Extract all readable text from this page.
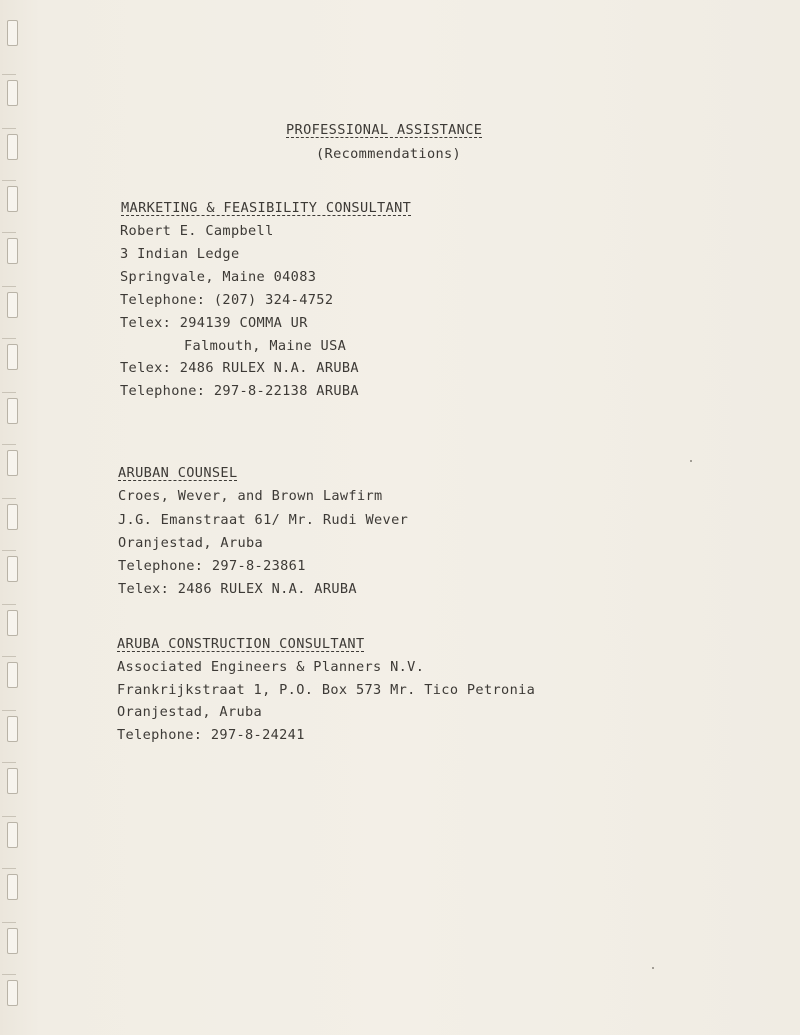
PROFESSIONAL ASSISTANCE
(Recommendations)
MARKETING & FEASIBILITY CONSULTANT
Robert E. Campbell
3 Indian Ledge
Springvale, Maine 04083
Telephone: (207) 324-4752
Telex: 294139 COMMA UR
Falmouth, Maine USA
Telex: 2486 RULEX N.A. ARUBA
Telephone: 297-8-22138 ARUBA
ARUBAN COUNSEL
Croes, Wever, and Brown Lawfirm
J.G. Emanstraat 61/ Mr. Rudi Wever
Oranjestad, Aruba
Telephone: 297-8-23861
Telex: 2486 RULEX N.A. ARUBA
ARUBA CONSTRUCTION CONSULTANT
Associated Engineers & Planners N.V.
Frankrijkstraat 1, P.O. Box 573 Mr. Tico Petronia
Oranjestad, Aruba
Telephone: 297-8-24241
